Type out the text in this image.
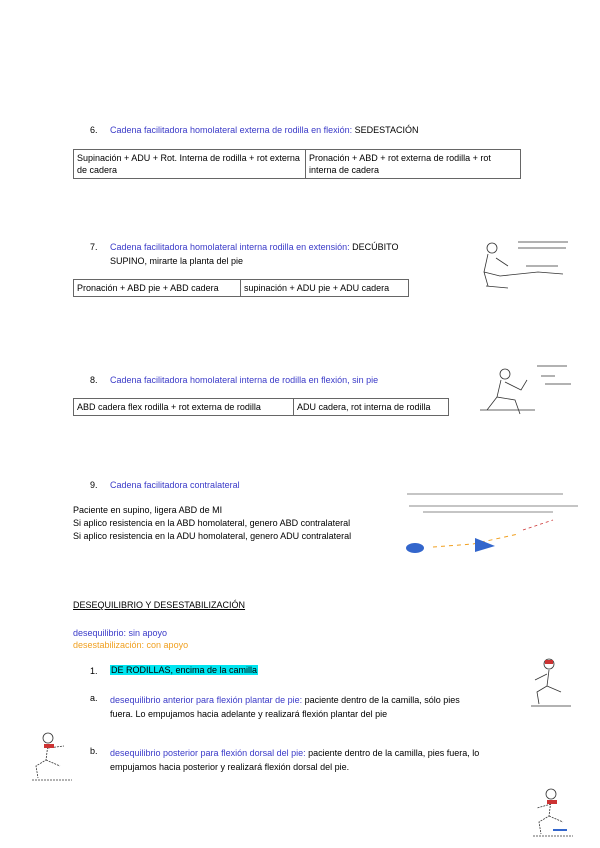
6. Cadena facilitadora homolateral externa de rodilla en flexión: SEDESTACIÓN
Supinación + ADU + Rot. Interna de rodilla + rot externa de cadera	Pronación + ABD + rot externa de rodilla + rot interna de cadera
7. Cadena facilitadora homolateral interna rodilla en extensión: DECÚBITO
SUPINO, mirarte la planta del pie
Pronación + ABD pie + ABD cadera	supinación + ADU pie + ADU cadera
8. Cadena facilitadora homolateral interna de rodilla en flexión, sin pie
ABD cadera flex rodilla + rot externa de rodilla	ADU cadera, rot interna de rodilla
9. Cadena facilitadora contralateral
Paciente en supino, ligera ABD de MI
Si aplico resistencia en la ABD homolateral, genero ABD contralateral
Si aplico resistencia en la ADU homolateral, genero ADU contralateral
DESEQUILIBRIO Y DESESTABILIZACIÓN
desequilibrio: sin apoyo
desestabilización: con apoyo
1. DE RODILLAS, encima de la camilla
a. desequilibrio anterior para flexión plantar de pie: paciente dentro de la camilla, sólo pies
fuera. Lo empujamos hacia adelante y realizará flexión plantar del pie
b. desequilibrio posterior para flexión dorsal del pie: paciente dentro de la camilla, pies fuera, lo
empujamos hacia posterior y realizará flexión dorsal del pie.
